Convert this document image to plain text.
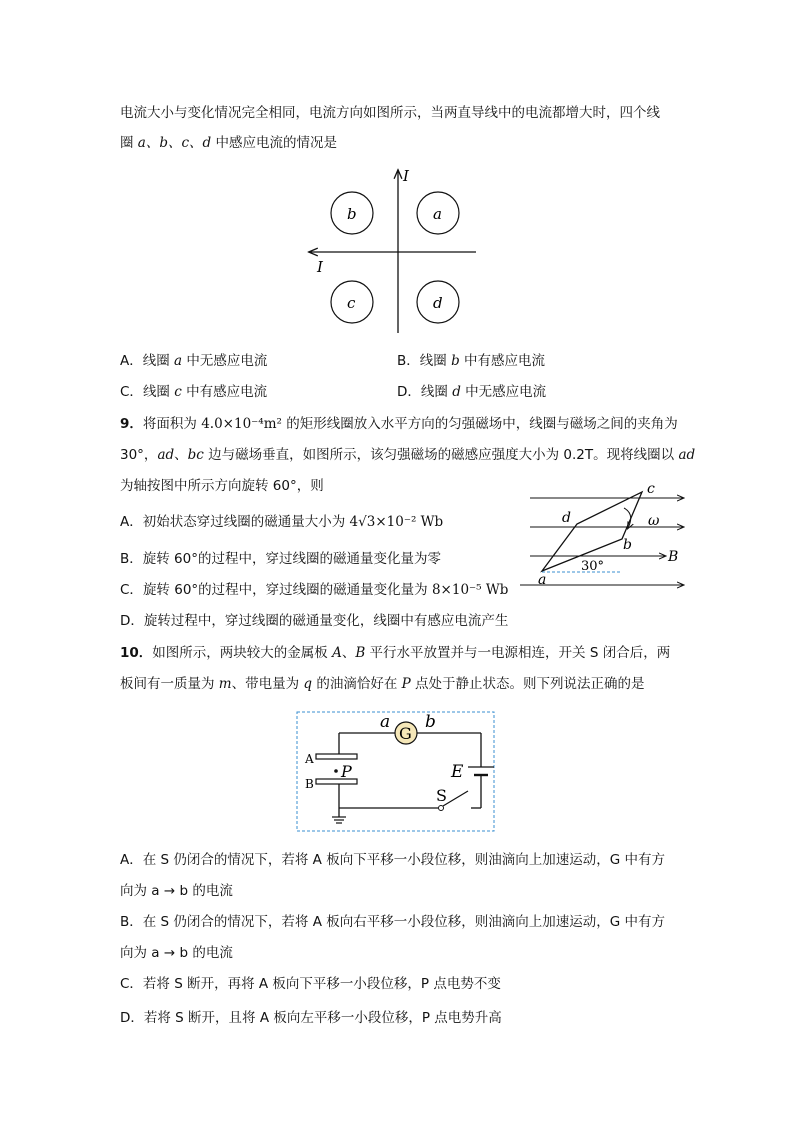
电流大小与变化情况完全相同，电流方向如图所示，当两直导线中的电流都增大时，四个线
圈 a、b、c、d 中感应电流的情况是
I
I
b	a
c	d
A．线圈 a 中无感应电流	B．线圈 b 中有感应电流
C．线圈 c 中有感应电流	D．线圈 d 中无感应电流
9．将面积为 4.0×10⁻⁴m² 的矩形线圈放入水平方向的匀强磁场中，线圈与磁场之间的夹角为
30°，ad、bc 边与磁场垂直，如图所示，该匀强磁场的磁感应强度大小为 0.2T。现将线圈以 ad
为轴按图中所示方向旋转 60°，则
A．初始状态穿过线圈的磁通量大小为 4√3×10⁻² Wb
B．旋转 60°的过程中，穿过线圈的磁通量变化量为零
C．旋转 60°的过程中，穿过线圈的磁通量变化量为 8×10⁻⁵ Wb
D．旋转过程中，穿过线圈的磁通量变化，线圈中有感应电流产生
c
d	ω
b
B
a
30°
10．如图所示，两块较大的金属板 A、B 平行水平放置并与一电源相连，开关 S 闭合后，两
板间有一质量为 m、带电量为 q 的油滴恰好在 P 点处于静止状态。则下列说法正确的是
G
a b
A
B
P
S
E
A．在 S 仍闭合的情况下，若将 A 板向下平移一小段位移，则油滴向上加速运动，G 中有方
向为 a → b 的电流
B．在 S 仍闭合的情况下，若将 A 板向右平移一小段位移，则油滴向上加速运动，G 中有方
向为 a → b 的电流
C．若将 S 断开，再将 A 板向下平移一小段位移，P 点电势不变
D．若将 S 断开，且将 A 板向左平移一小段位移，P 点电势升高
